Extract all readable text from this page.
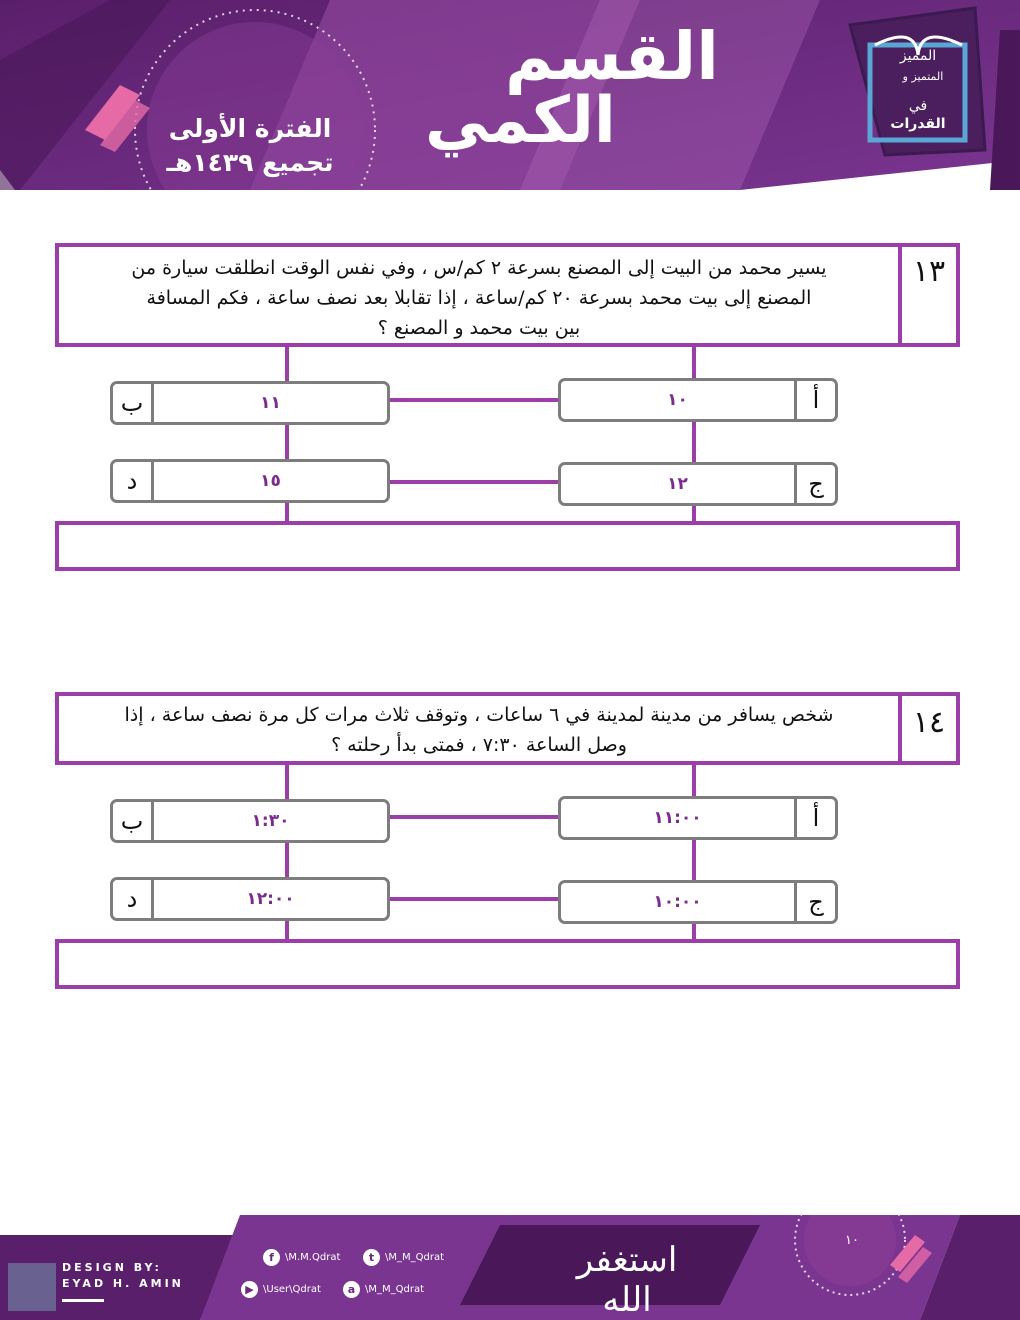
القسم
الكمي
الفترة الأولى
تجميع ١٤٣٩هـ
المميز
في
القدرات
المتميز و
يسير محمد من البيت إلى المصنع بسرعة ٢ كم/س ، وفي نفس الوقت انطلقت سيارة من
المصنع إلى بيت محمد بسرعة ٢٠ كم/ساعة ، إذا تقابلا بعد نصف ساعة ، فكم المسافة
بين بيت محمد و المصنع ؟
١٣
١٠	أ
ب	١١
١٢	ج
د	١٥
شخص يسافر من مدينة لمدينة في ٦ ساعات ، وتوقف ثلاث مرات كل مرة نصف ساعة ، إذا
وصل الساعة ٧:٣٠ ، فمتى بدأ رحلته ؟
١٤
١١:٠٠	أ
ب	١:٣٠
١٠:٠٠	ج
د	١٢:٠٠
DESIGN BY:
EYAD H. AMIN
f	\M.M.Qdrat	t	\M_M_Qdrat
▶ \User\Qdrat	a \M_M_Qdrat
استغفر الله
١٠
